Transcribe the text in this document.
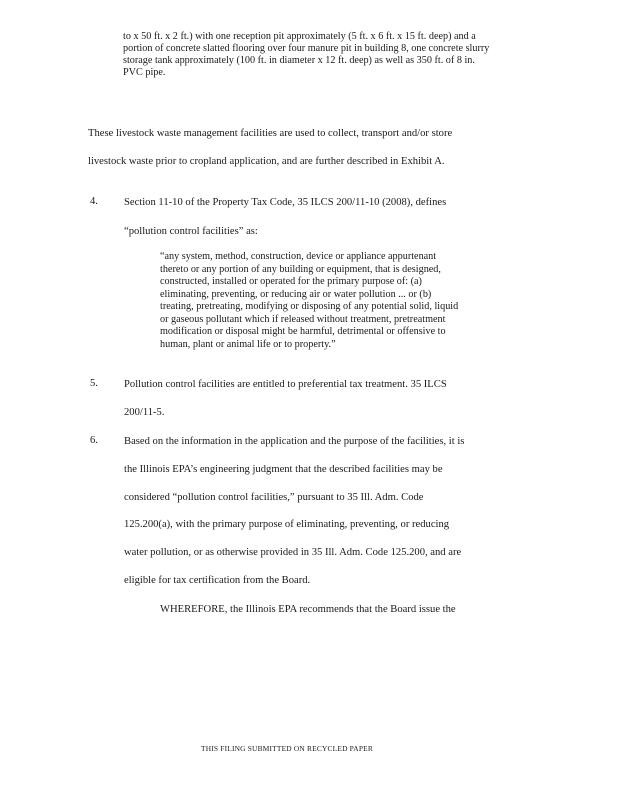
to x 50 ft. x 2 ft.) with one reception pit approximately (5 ft. x 6 ft. x 15 ft. deep) and a

portion of concrete slatted flooring over four manure pit in building 8, one concrete slurry

storage tank approximately (100 ft. in diameter x 12 ft. deep) as well as 350 ft. of 8 in.

PVC pipe.

These livestock waste management facilities are used to collect, transport and/or store

livestock waste prior to cropland application, and are further described in Exhibit A.

4. Section 11-10 of the Property Tax Code, 35 ILCS 200/11-10 (2008), defines

“pollution control facilities” as:

“any system, method, construction, device or appliance appurtenant

thereto or any portion of any building or equipment, that is designed,

constructed, installed or operated for the primary purpose of: (a)

eliminating, preventing, or reducing air or water pollution ... or (b)

treating, pretreating, modifying or disposing of any potential solid, liquid

or gaseous pollutant which if released without treatment, pretreatment

modification or disposal might be harmful, detrimental or offensive to

human, plant or animal life or to property.”

5. Pollution control facilities are entitled to preferential tax treatment. 35 ILCS

200/11-5.

6. Based on the information in the application and the purpose of the facilities, it is

the Illinois EPA’s engineering judgment that the described facilities may be

considered “pollution control facilities,” pursuant to 35 Ill. Adm. Code

125.200(a), with the primary purpose of eliminating, preventing, or reducing

water pollution, or as otherwise provided in 35 Ill. Adm. Code 125.200, and are

eligible for tax certification from the Board.

WHEREFORE, the Illinois EPA recommends that the Board issue the

THIS FILING SUBMITTED ON RECYCLED PAPER
